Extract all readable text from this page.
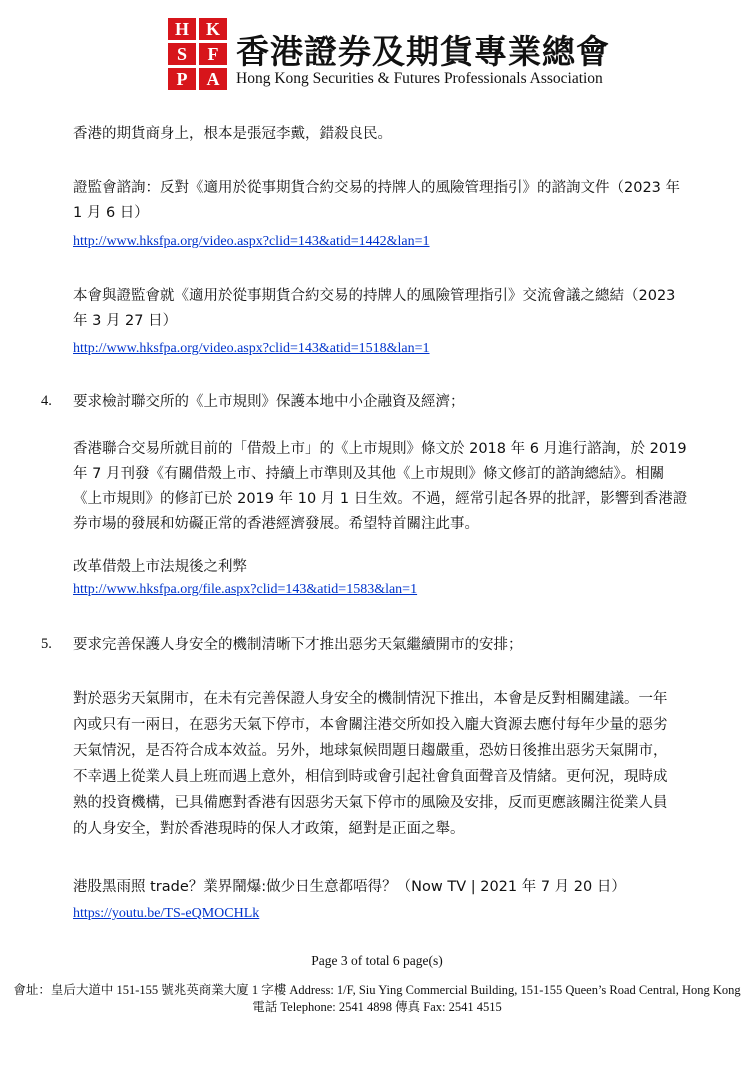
H K
S	F
P	A
香港證券及期貨專業總會
Hong Kong Securities & Futures Professionals Association
香港的期貨商身上，根本是張冠李戴，錯殺良民。
證監會諮詢：反對《適用於從事期貨合約交易的持牌人的風險管理指引》的諮詢文件（2023 年
1 月 6 日）
http://www.hksfpa.org/video.aspx?clid=143&atid=1442&lan=1
本會與證監會就《適用於從事期貨合約交易的持牌人的風險管理指引》交流會議之總結（2023
年 3 月 27 日）
http://www.hksfpa.org/video.aspx?clid=143&atid=1518&lan=1
4. 要求檢討聯交所的《上市規則》保護本地中小企融資及經濟；
香港聯合交易所就目前的「借殼上市」的《上市規則》條文於 2018 年 6 月進行諮詢，於 2019
年 7 月刊發《有關借殼上市、持續上市準則及其他《上市規則》條文修訂的諮詢總結》。相關
《上市規則》的修訂已於 2019 年 10 月 1 日生效。不過，經常引起各界的批評，影響到香港證
券市場的發展和妨礙正常的香港經濟發展。希望特首關注此事。
改革借殼上市法規後之利弊
http://www.hksfpa.org/file.aspx?clid=143&atid=1583&lan=1
5. 要求完善保護人身安全的機制清晰下才推出惡劣天氣繼續開市的安排；
對於惡劣天氣開市，在未有完善保證人身安全的機制情況下推出，本會是反對相關建議。一年
內或只有一兩日，在惡劣天氣下停市，本會關注港交所如投入龐大資源去應付每年少量的惡劣
天氣情況，是否符合成本效益。另外，地球氣候問題日趨嚴重，恐妨日後推出惡劣天氣開市，
不幸遇上從業人員上班而遇上意外，相信到時或會引起社會負面聲音及情緒。更何況，現時成
熟的投資機構，已具備應對香港有因惡劣天氣下停市的風險及安排，反而更應該關注從業人員
的人身安全，對於香港現時的保人才政策，絕對是正面之舉。
港股黑雨照 trade？業界鬧爆:做少日生意都唔得？（Now TV | 2021 年 7 月 20 日）
https://youtu.be/TS-eQMOCHLk
Page 3 of total 6 page(s)
會址：皇后大道中 151-155 號兆英商業大廈 1 字樓 Address: 1/F, Siu Ying Commercial Building, 151-155 Queen’s Road Central, Hong Kong
電話 Telephone: 2541 4898 傳真 Fax: 2541 4515
